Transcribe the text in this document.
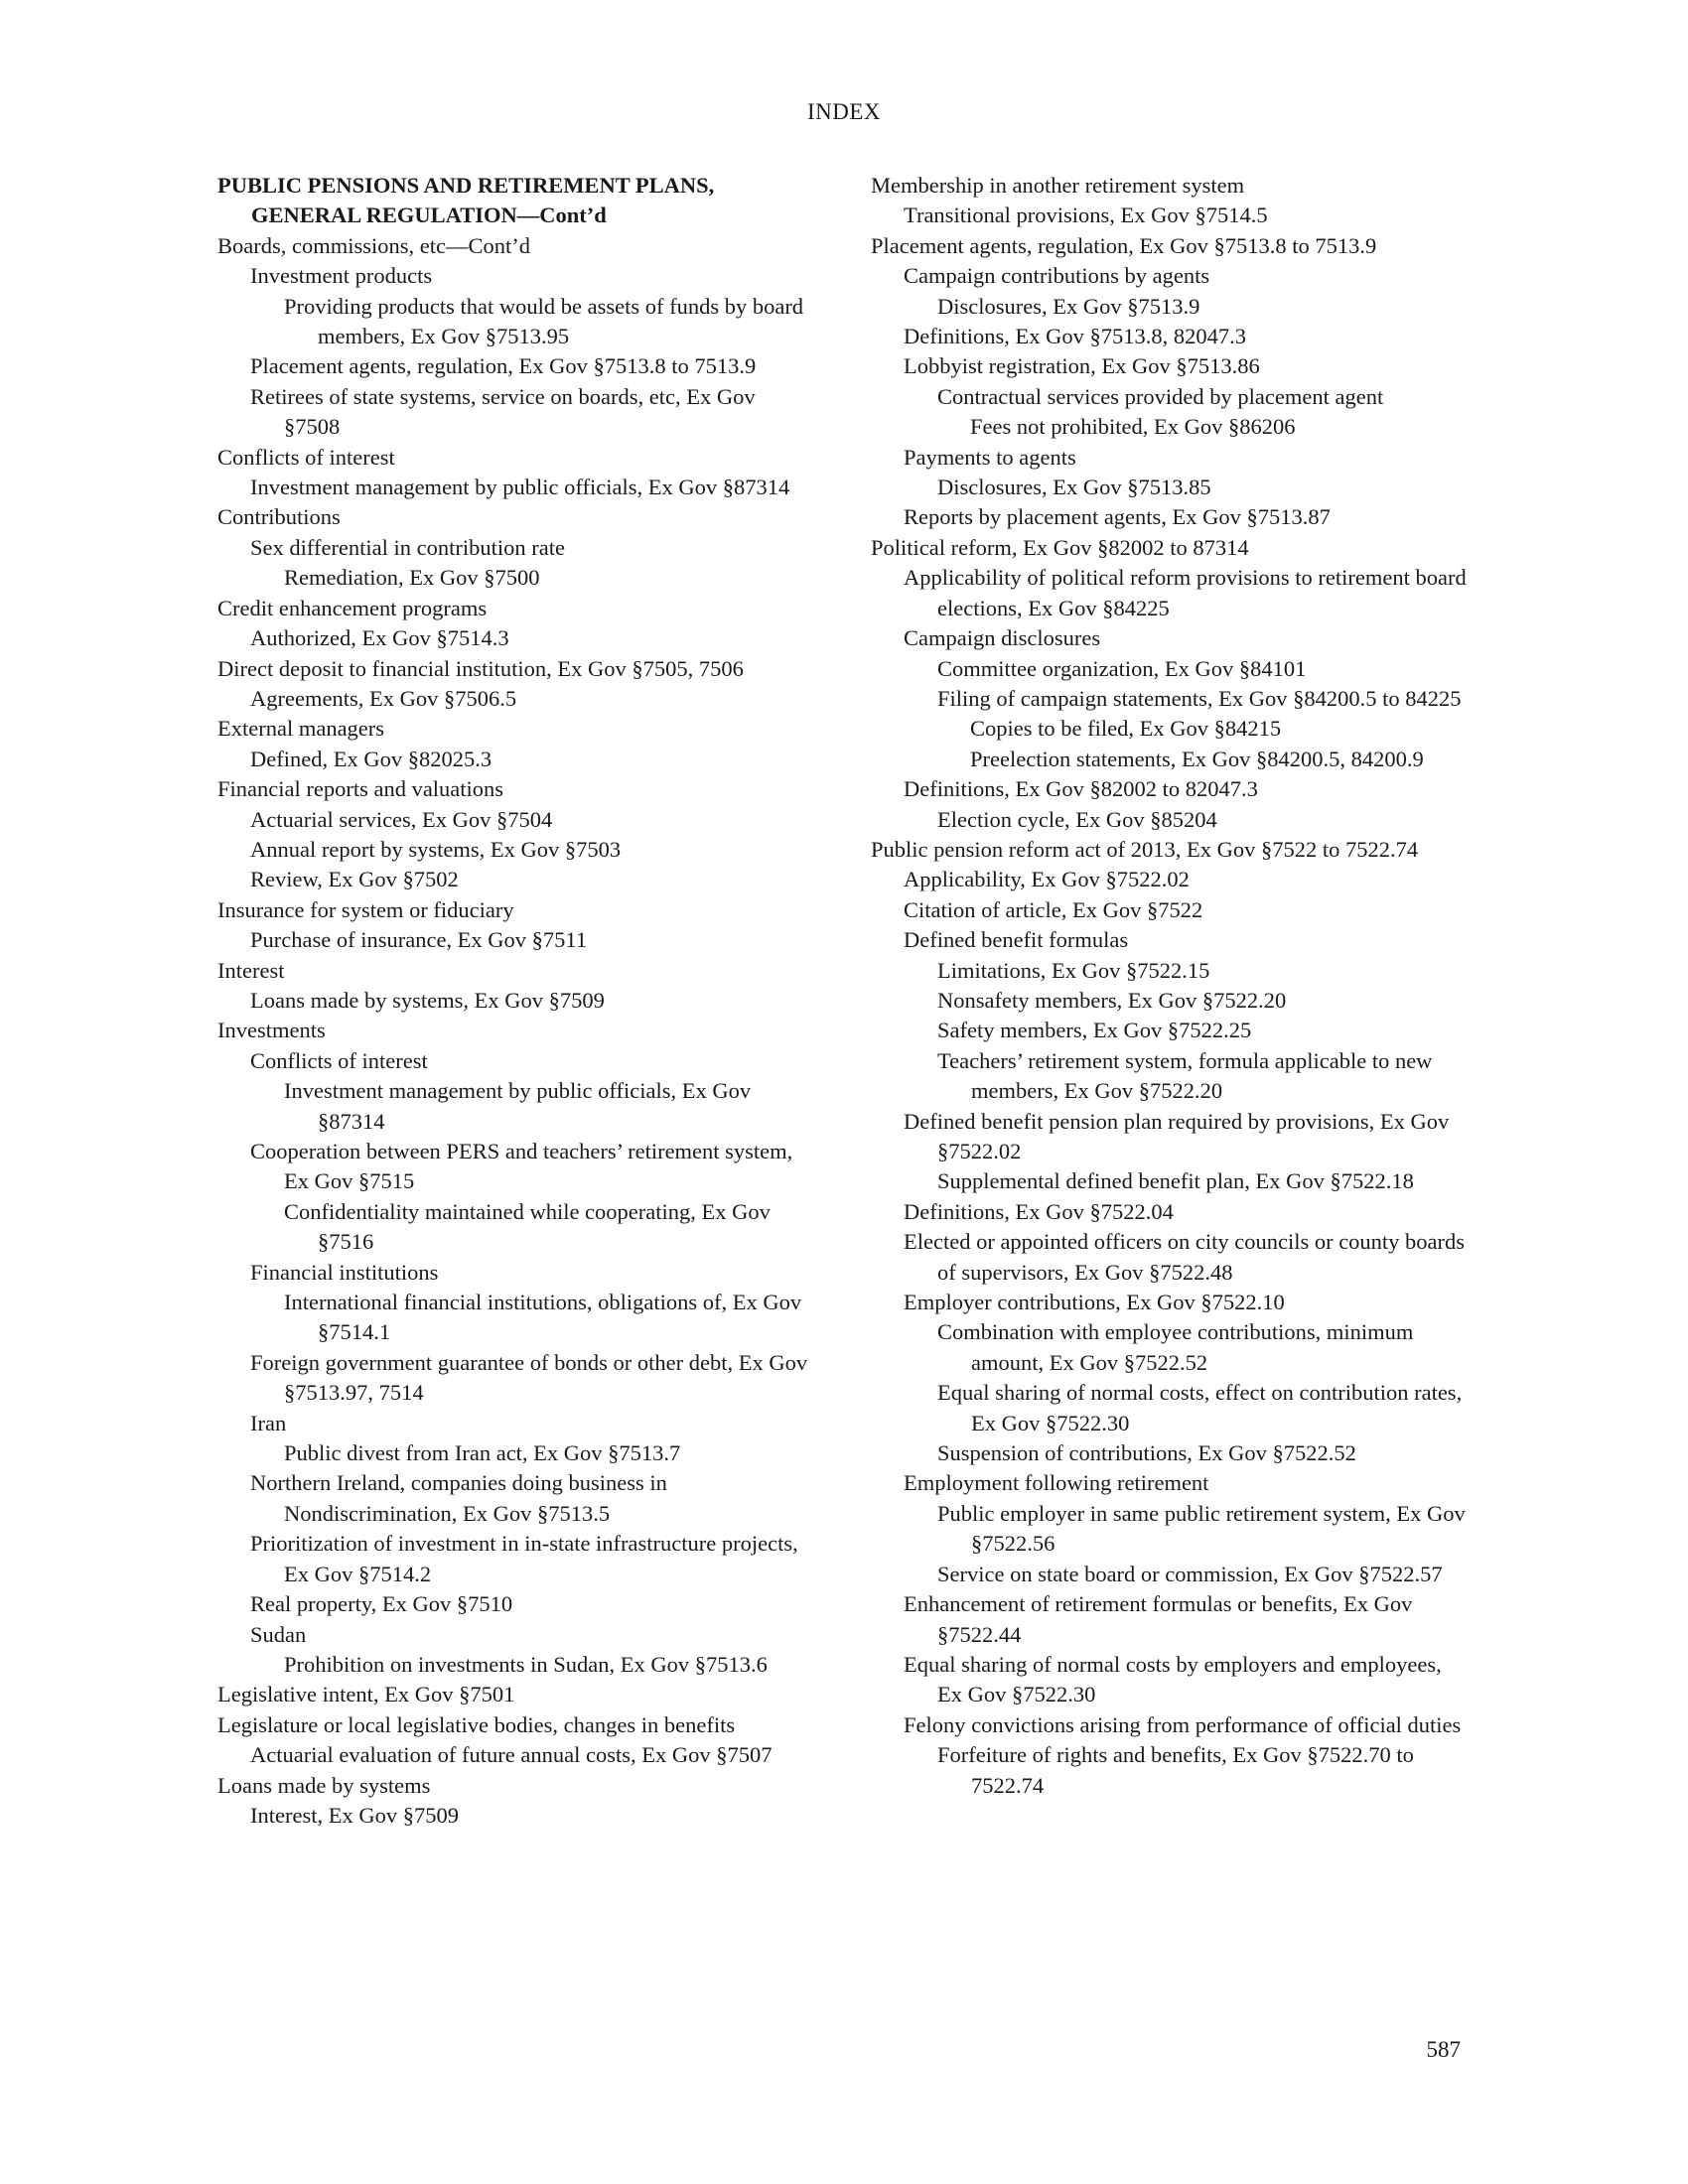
INDEX
PUBLIC PENSIONS AND RETIREMENT PLANS, GENERAL REGULATION—Cont’d
Boards, commissions, etc—Cont’d
Investment products
Providing products that would be assets of funds by board members, Ex Gov §7513.95
Placement agents, regulation, Ex Gov §7513.8 to 7513.9
Retirees of state systems, service on boards, etc, Ex Gov §7508
Conflicts of interest
Investment management by public officials, Ex Gov §87314
Contributions
Sex differential in contribution rate
Remediation, Ex Gov §7500
Credit enhancement programs
Authorized, Ex Gov §7514.3
Direct deposit to financial institution, Ex Gov §7505, 7506
Agreements, Ex Gov §7506.5
External managers
Defined, Ex Gov §82025.3
Financial reports and valuations
Actuarial services, Ex Gov §7504
Annual report by systems, Ex Gov §7503
Review, Ex Gov §7502
Insurance for system or fiduciary
Purchase of insurance, Ex Gov §7511
Interest
Loans made by systems, Ex Gov §7509
Investments
Conflicts of interest
Investment management by public officials, Ex Gov §87314
Cooperation between PERS and teachers’ retirement system, Ex Gov §7515
Confidentiality maintained while cooperating, Ex Gov §7516
Financial institutions
International financial institutions, obligations of, Ex Gov §7514.1
Foreign government guarantee of bonds or other debt, Ex Gov §7513.97, 7514
Iran
Public divest from Iran act, Ex Gov §7513.7
Northern Ireland, companies doing business in
Nondiscrimination, Ex Gov §7513.5
Prioritization of investment in in-state infrastructure projects, Ex Gov §7514.2
Real property, Ex Gov §7510
Sudan
Prohibition on investments in Sudan, Ex Gov §7513.6
Legislative intent, Ex Gov §7501
Legislature or local legislative bodies, changes in benefits
Actuarial evaluation of future annual costs, Ex Gov §7507
Loans made by systems
Interest, Ex Gov §7509
Membership in another retirement system
Transitional provisions, Ex Gov §7514.5
Placement agents, regulation, Ex Gov §7513.8 to 7513.9
Campaign contributions by agents
Disclosures, Ex Gov §7513.9
Definitions, Ex Gov §7513.8, 82047.3
Lobbyist registration, Ex Gov §7513.86
Contractual services provided by placement agent
Fees not prohibited, Ex Gov §86206
Payments to agents
Disclosures, Ex Gov §7513.85
Reports by placement agents, Ex Gov §7513.87
Political reform, Ex Gov §82002 to 87314
Applicability of political reform provisions to retirement board elections, Ex Gov §84225
Campaign disclosures
Committee organization, Ex Gov §84101
Filing of campaign statements, Ex Gov §84200.5 to 84225
Copies to be filed, Ex Gov §84215
Preelection statements, Ex Gov §84200.5, 84200.9
Definitions, Ex Gov §82002 to 82047.3
Election cycle, Ex Gov §85204
Public pension reform act of 2013, Ex Gov §7522 to 7522.74
Applicability, Ex Gov §7522.02
Citation of article, Ex Gov §7522
Defined benefit formulas
Limitations, Ex Gov §7522.15
Nonsafety members, Ex Gov §7522.20
Safety members, Ex Gov §7522.25
Teachers’ retirement system, formula applicable to new members, Ex Gov §7522.20
Defined benefit pension plan required by provisions, Ex Gov §7522.02
Supplemental defined benefit plan, Ex Gov §7522.18
Definitions, Ex Gov §7522.04
Elected or appointed officers on city councils or county boards of supervisors, Ex Gov §7522.48
Employer contributions, Ex Gov §7522.10
Combination with employee contributions, minimum amount, Ex Gov §7522.52
Equal sharing of normal costs, effect on contribution rates, Ex Gov §7522.30
Suspension of contributions, Ex Gov §7522.52
Employment following retirement
Public employer in same public retirement system, Ex Gov §7522.56
Service on state board or commission, Ex Gov §7522.57
Enhancement of retirement formulas or benefits, Ex Gov §7522.44
Equal sharing of normal costs by employers and employees, Ex Gov §7522.30
Felony convictions arising from performance of official duties
Forfeiture of rights and benefits, Ex Gov §7522.70 to 7522.74
587
